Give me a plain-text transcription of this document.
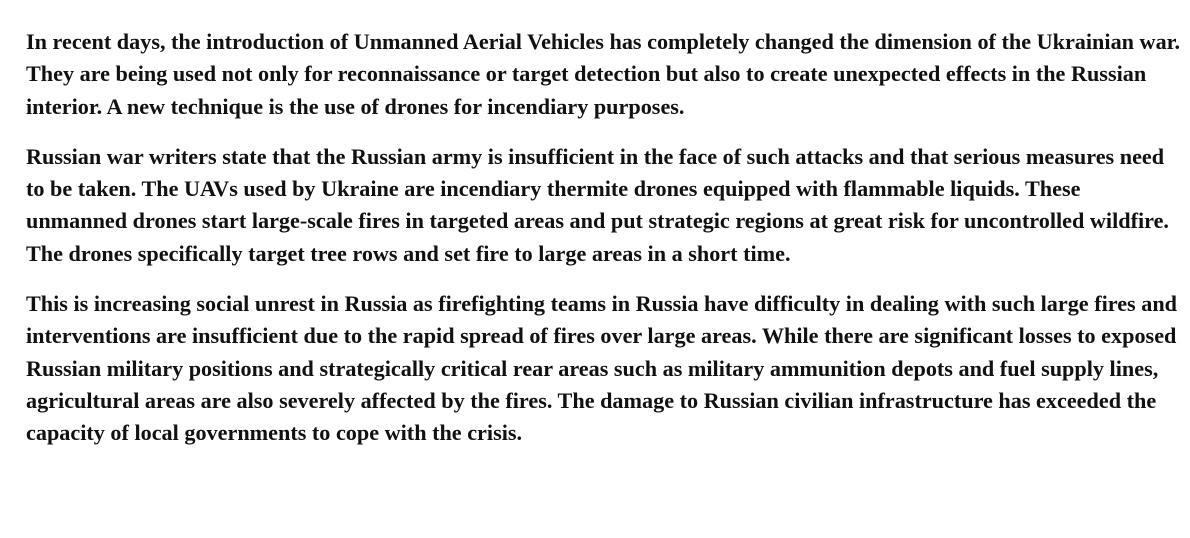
In recent days, the introduction of Unmanned Aerial Vehicles has completely changed the dimension of the Ukrainian war. They are being used not only for reconnaissance or target detection but also to create unexpected effects in the Russian interior. A new technique is the use of drones for incendiary purposes.

Russian war writers state that the Russian army is insufficient in the face of such attacks and that serious measures need to be taken. The UAVs used by Ukraine are incendiary thermite drones equipped with flammable liquids. These unmanned drones start large-scale fires in targeted areas and put strategic regions at great risk for uncontrolled wildfire. The drones specifically target tree rows and set fire to large areas in a short time.

This is increasing social unrest in Russia as firefighting teams in Russia have difficulty in dealing with such large fires and interventions are insufficient due to the rapid spread of fires over large areas. While there are significant losses to exposed Russian military positions and strategically critical rear areas such as military ammunition depots and fuel supply lines, agricultural areas are also severely affected by the fires. The damage to Russian civilian infrastructure has exceeded the capacity of local governments to cope with the crisis.
